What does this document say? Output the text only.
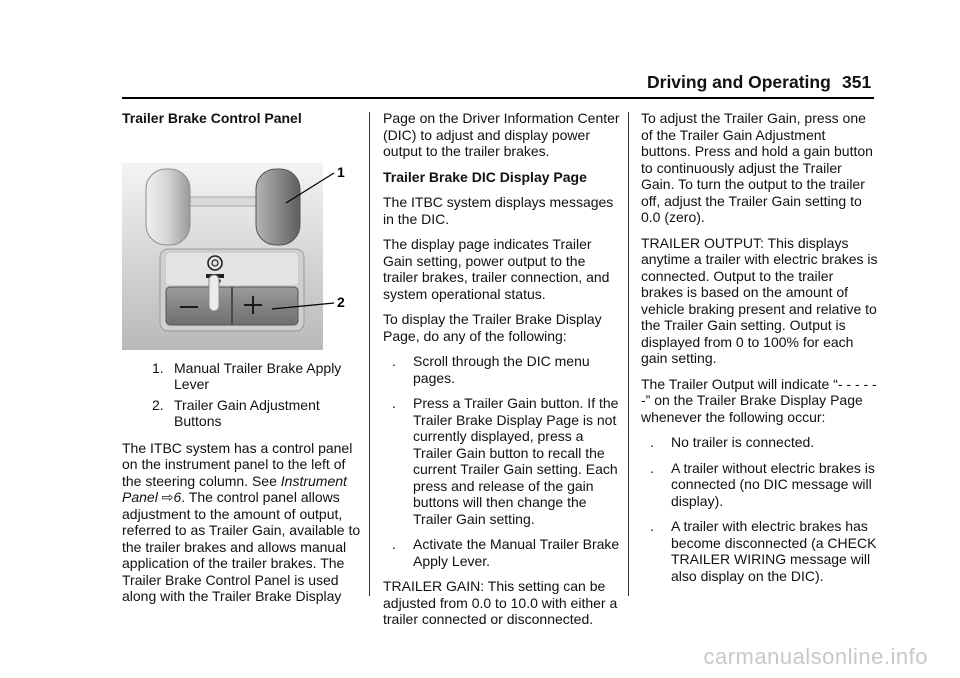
Driving and Operating 351

Trailer Brake Control Panel

1
2
1. Manual Trailer Brake Apply Lever
2. Trailer Gain Adjustment Buttons

The ITBC system has a control panel on the instrument panel to the left of the steering column. See Instrument Panel ⇨6. The control panel allows adjustment to the amount of output, referred to as Trailer Gain, available to the trailer brakes and allows manual application of the trailer brakes. The Trailer Brake Control Panel is used along with the Trailer Brake Display

Page on the Driver Information Center (DIC) to adjust and display power output to the trailer brakes.

Trailer Brake DIC Display Page

The ITBC system displays messages in the DIC.

The display page indicates Trailer Gain setting, power output to the trailer brakes, trailer connection, and system operational status.

To display the Trailer Brake Display Page, do any of the following:

. Scroll through the DIC menu pages.
. Press a Trailer Gain button. If the Trailer Brake Display Page is not currently displayed, press a Trailer Gain button to recall the current Trailer Gain setting. Each press and release of the gain buttons will then change the Trailer Gain setting.
. Activate the Manual Trailer Brake Apply Lever.

TRAILER GAIN: This setting can be adjusted from 0.0 to 10.0 with either a trailer connected or disconnected.

To adjust the Trailer Gain, press one of the Trailer Gain Adjustment buttons. Press and hold a gain button to continuously adjust the Trailer Gain. To turn the output to the trailer off, adjust the Trailer Gain setting to 0.0 (zero).

TRAILER OUTPUT: This displays anytime a trailer with electric brakes is connected. Output to the trailer brakes is based on the amount of vehicle braking present and relative to the Trailer Gain setting. Output is displayed from 0 to 100% for each gain setting.

The Trailer Output will indicate “- - - - - -” on the Trailer Brake Display Page whenever the following occur:

. No trailer is connected.
. A trailer without electric brakes is connected (no DIC message will display).
. A trailer with electric brakes has become disconnected (a CHECK TRAILER WIRING message will also display on the DIC).
carmanualsonline.info
